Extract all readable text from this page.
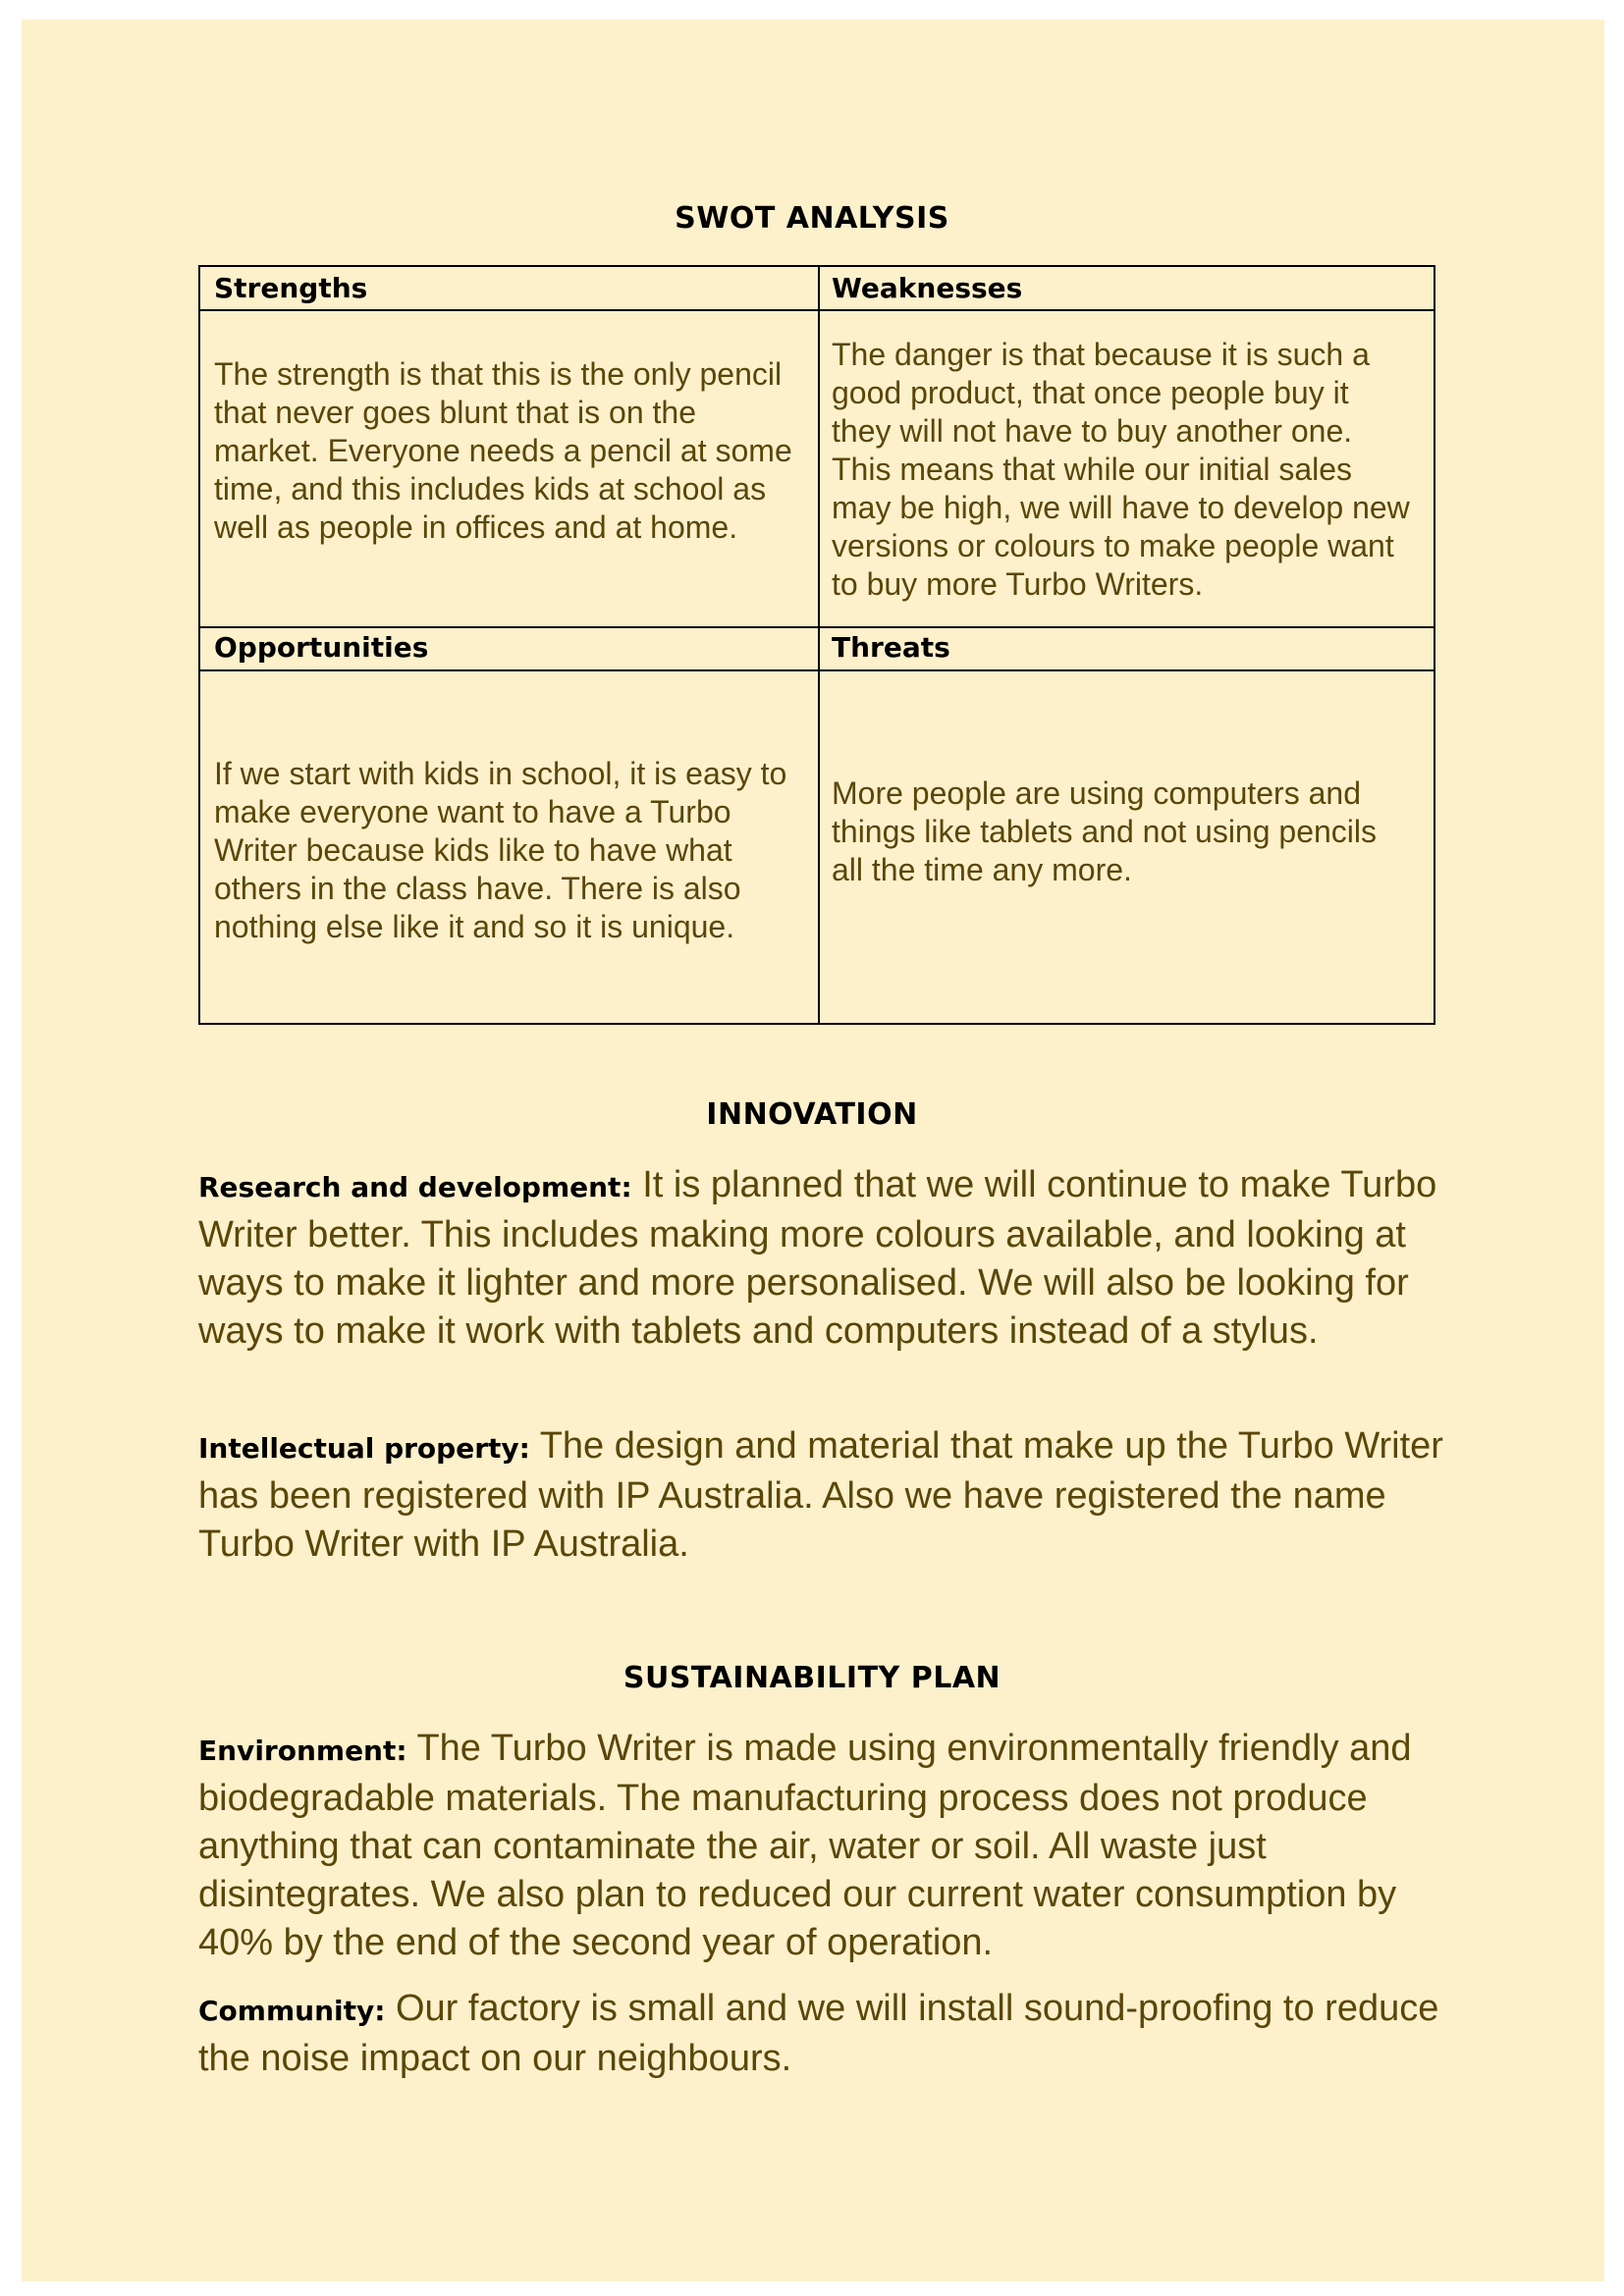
SWOT ANALYSIS
Strengths	Weaknesses
The strength is that this is the only pencil that never goes blunt that is on the market. Everyone needs a pencil at some time, and this includes kids at school as well as people in offices and at home.
The danger is that because it is such a good product, that once people buy it they will not have to buy another one. This means that while our initial sales may be high, we will have to develop new versions or colours to make people want to buy more Turbo Writers.
Opportunities	Threats
If we start with kids in school, it is easy to make everyone want to have a Turbo Writer because kids like to have what others in the class have. There is also nothing else like it and so it is unique.
More people are using computers and things like tablets and not using pencils all the time any more.
INNOVATION
Research and development: It is planned that we will continue to make Turbo Writer better. This includes making more colours available, and looking at ways to make it lighter and more personalised. We will also be looking for ways to make it work with tablets and computers instead of a stylus.
Intellectual property: The design and material that make up the Turbo Writer has been registered with IP Australia. Also we have registered the name Turbo Writer with IP Australia.
SUSTAINABILITY PLAN
Environment: The Turbo Writer is made using environmentally friendly and biodegradable materials. The manufacturing process does not produce anything that can contaminate the air, water or soil. All waste just disintegrates. We also plan to reduced our current water consumption by 40% by the end of the second year of operation.
Community: Our factory is small and we will install sound-proofing to reduce the noise impact on our neighbours.
